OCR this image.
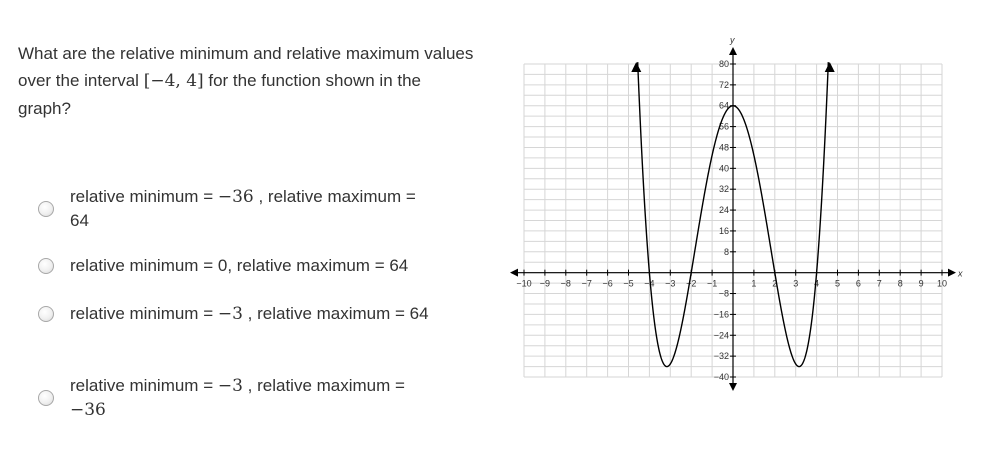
What are the relative minimum and relative maximum values over the interval [−4, 4] for the function shown in the graph?
relative minimum = −36 , relative maximum = 64
relative minimum = 0, relative maximum = 64
relative minimum = −3 , relative maximum = 64
relative minimum = −3 , relative maximum = −36
x
y
−10 −9 −8 −7 −6 −5 −4 −3 −2 −1	1 2 3 4 5 6 7 8 9 10
−40
−32
−24
−16
−8
8
16
24
32
40
48
56
64
72
80
